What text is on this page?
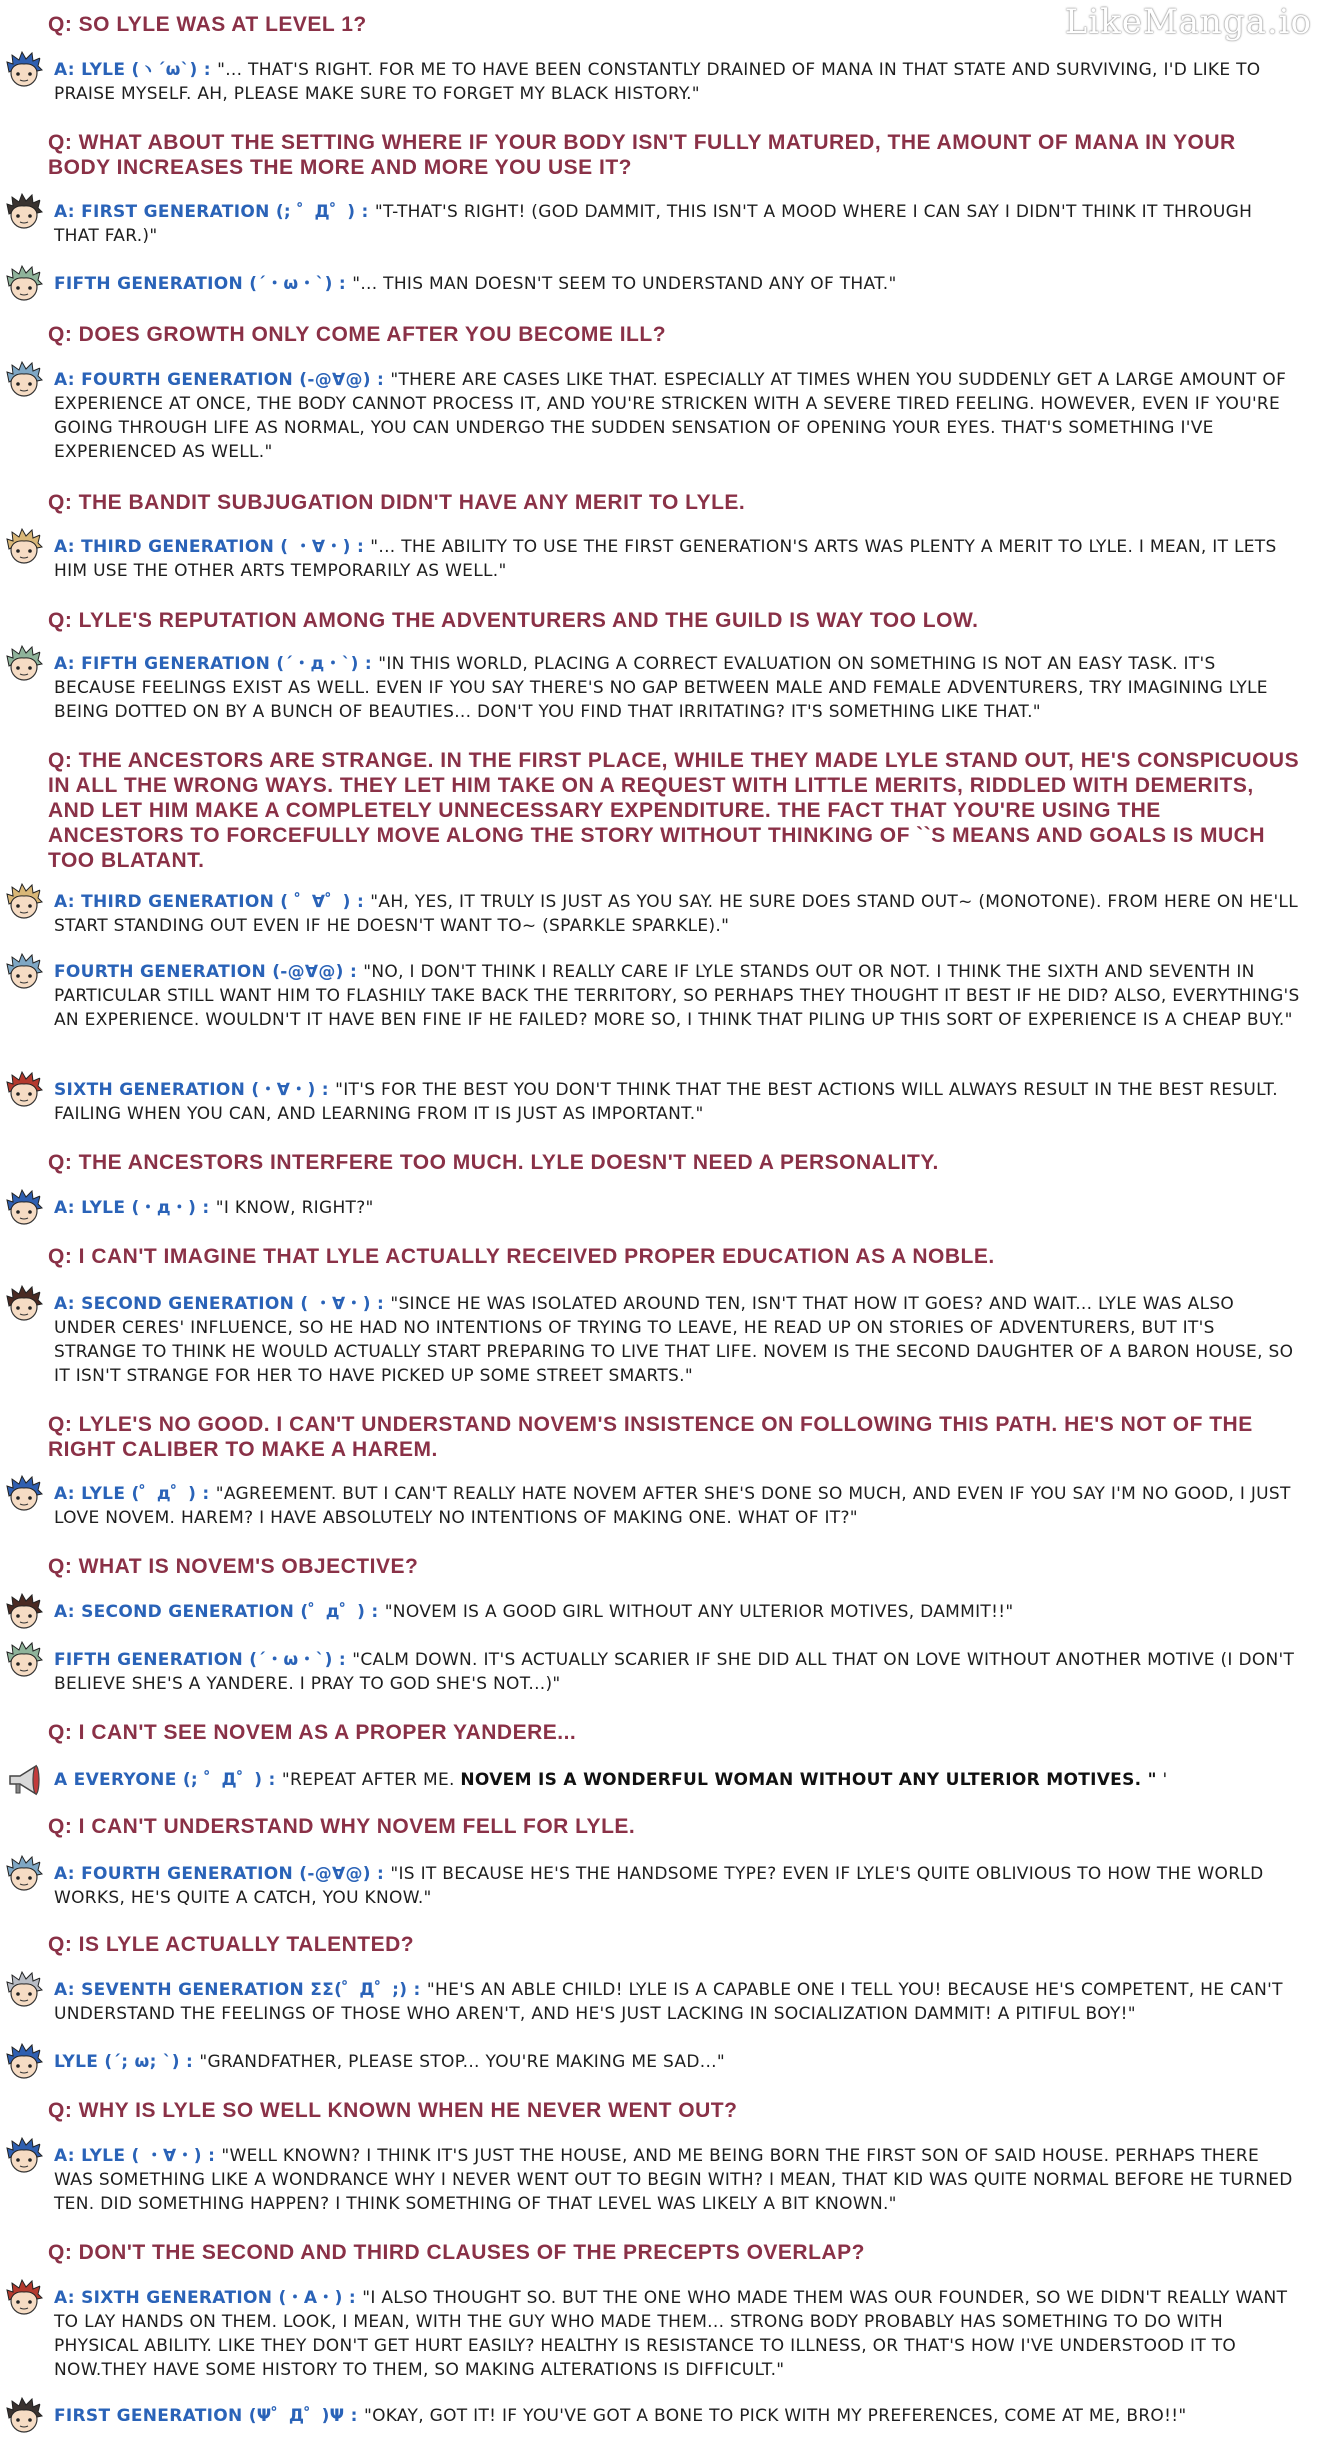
LikeManga.io
Q: SO LYLE WAS AT LEVEL 1?
A: LYLE (ヽ´ω`) : "... THAT'S RIGHT. FOR ME TO HAVE BEEN CONSTANTLY DRAINED OF MANA IN THAT STATE AND SURVIVING, I'D LIKE TO PRAISE MYSELF. AH, PLEASE MAKE SURE TO FORGET MY BLACK HISTORY."
Q: WHAT ABOUT THE SETTING WHERE IF YOUR BODY ISN'T FULLY MATURED, THE AMOUNT OF MANA IN YOUR BODY INCREASES THE MORE AND MORE YOU USE IT?
A: FIRST GENERATION (; ゜Д゜) : "T-THAT'S RIGHT! (GOD DAMMIT, THIS ISN'T A MOOD WHERE I CAN SAY I DIDN'T THINK IT THROUGH THAT FAR.)"
FIFTH GENERATION (´・ω・`) : "... THIS MAN DOESN'T SEEM TO UNDERSTAND ANY OF THAT."
Q: DOES GROWTH ONLY COME AFTER YOU BECOME ILL?
A: FOURTH GENERATION (-@∀@) : "THERE ARE CASES LIKE THAT. ESPECIALLY AT TIMES WHEN YOU SUDDENLY GET A LARGE AMOUNT OF EXPERIENCE AT ONCE, THE BODY CANNOT PROCESS IT, AND YOU'RE STRICKEN WITH A SEVERE TIRED FEELING. HOWEVER, EVEN IF YOU'RE GOING THROUGH LIFE AS NORMAL, YOU CAN UNDERGO THE SUDDEN SENSATION OF OPENING YOUR EYES. THAT'S SOMETHING I'VE EXPERIENCED AS WELL."
Q: THE BANDIT SUBJUGATION DIDN'T HAVE ANY MERIT TO LYLE.
A: THIRD GENERATION ( ・∀・) : "... THE ABILITY TO USE THE FIRST GENERATION'S ARTS WAS PLENTY A MERIT TO LYLE. I MEAN, IT LETS HIM USE THE OTHER ARTS TEMPORARILY AS WELL."
Q: LYLE'S REPUTATION AMONG THE ADVENTURERS AND THE GUILD IS WAY TOO LOW.
A: FIFTH GENERATION (´・д・`) : "IN THIS WORLD, PLACING A CORRECT EVALUATION ON SOMETHING IS NOT AN EASY TASK. IT'S BECAUSE FEELINGS EXIST AS WELL. EVEN IF YOU SAY THERE'S NO GAP BETWEEN MALE AND FEMALE ADVENTURERS, TRY IMAGINING LYLE BEING DOTTED ON BY A BUNCH OF BEAUTIES... DON'T YOU FIND THAT IRRITATING? IT'S SOMETHING LIKE THAT."
Q: THE ANCESTORS ARE STRANGE. IN THE FIRST PLACE, WHILE THEY MADE LYLE STAND OUT, HE'S CONSPICUOUS IN ALL THE WRONG WAYS. THEY LET HIM TAKE ON A REQUEST WITH LITTLE MERITS, RIDDLED WITH DEMERITS, AND LET HIM MAKE A COMPLETELY UNNECESSARY EXPENDITURE. THE FACT THAT YOU'RE USING THE ANCESTORS TO FORCEFULLY MOVE ALONG THE STORY WITHOUT THINKING OF ``S MEANS AND GOALS IS MUCH TOO BLATANT.
A: THIRD GENERATION ( ゜∀゜) : "AH, YES, IT TRULY IS JUST AS YOU SAY. HE SURE DOES STAND OUT~ (MONOTONE). FROM HERE ON HE'LL START STANDING OUT EVEN IF HE DOESN'T WANT TO~ (SPARKLE SPARKLE)."
FOURTH GENERATION (-@∀@) : "NO, I DON'T THINK I REALLY CARE IF LYLE STANDS OUT OR NOT. I THINK THE SIXTH AND SEVENTH IN PARTICULAR STILL WANT HIM TO FLASHILY TAKE BACK THE TERRITORY, SO PERHAPS THEY THOUGHT IT BEST IF HE DID? ALSO, EVERYTHING'S AN EXPERIENCE. WOULDN'T IT HAVE BEN FINE IF HE FAILED? MORE SO, I THINK THAT PILING UP THIS SORT OF EXPERIENCE IS A CHEAP BUY."
SIXTH GENERATION (・∀・) : "IT'S FOR THE BEST YOU DON'T THINK THAT THE BEST ACTIONS WILL ALWAYS RESULT IN THE BEST RESULT. FAILING WHEN YOU CAN, AND LEARNING FROM IT IS JUST AS IMPORTANT."
Q: THE ANCESTORS INTERFERE TOO MUCH. LYLE DOESN'T NEED A PERSONALITY.
A: LYLE (・д・) : "I KNOW, RIGHT?"
Q: I CAN'T IMAGINE THAT LYLE ACTUALLY RECEIVED PROPER EDUCATION AS A NOBLE.
A: SECOND GENERATION ( ・∀・) : "SINCE HE WAS ISOLATED AROUND TEN, ISN'T THAT HOW IT GOES? AND WAIT... LYLE WAS ALSO UNDER CERES' INFLUENCE, SO HE HAD NO INTENTIONS OF TRYING TO LEAVE, HE READ UP ON STORIES OF ADVENTURERS, BUT IT'S STRANGE TO THINK HE WOULD ACTUALLY START PREPARING TO LIVE THAT LIFE. NOVEM IS THE SECOND DAUGHTER OF A BARON HOUSE, SO IT ISN'T STRANGE FOR HER TO HAVE PICKED UP SOME STREET SMARTS."
Q: LYLE'S NO GOOD. I CAN'T UNDERSTAND NOVEM'S INSISTENCE ON FOLLOWING THIS PATH. HE'S NOT OF THE RIGHT CALIBER TO MAKE A HAREM.
A: LYLE (゜д゜) : "AGREEMENT. BUT I CAN'T REALLY HATE NOVEM AFTER SHE'S DONE SO MUCH, AND EVEN IF YOU SAY I'M NO GOOD, I JUST LOVE NOVEM. HAREM? I HAVE ABSOLUTELY NO INTENTIONS OF MAKING ONE. WHAT OF IT?"
Q: WHAT IS NOVEM'S OBJECTIVE?
A: SECOND GENERATION (゜д゜) : "NOVEM IS A GOOD GIRL WITHOUT ANY ULTERIOR MOTIVES, DAMMIT!!"
FIFTH GENERATION (´・ω・`) : "CALM DOWN. IT'S ACTUALLY SCARIER IF SHE DID ALL THAT ON LOVE WITHOUT ANOTHER MOTIVE (I DON'T BELIEVE SHE'S A YANDERE. I PRAY TO GOD SHE'S NOT...)"
Q: I CAN'T SEE NOVEM AS A PROPER YANDERE...
A EVERYONE (; ゜Д゜) : "REPEAT AFTER ME. NOVEM IS A WONDERFUL WOMAN WITHOUT ANY ULTERIOR MOTIVES. " '
Q: I CAN'T UNDERSTAND WHY NOVEM FELL FOR LYLE.
A: FOURTH GENERATION (-@∀@) : "IS IT BECAUSE HE'S THE HANDSOME TYPE? EVEN IF LYLE'S QUITE OBLIVIOUS TO HOW THE WORLD WORKS, HE'S QUITE A CATCH, YOU KNOW."
Q: IS LYLE ACTUALLY TALENTED?
A: SEVENTH GENERATION ΣΣ(゜Д゜;) : "HE'S AN ABLE CHILD! LYLE IS A CAPABLE ONE I TELL YOU! BECAUSE HE'S COMPETENT, HE CAN'T UNDERSTAND THE FEELINGS OF THOSE WHO AREN'T, AND HE'S JUST LACKING IN SOCIALIZATION DAMMIT! A PITIFUL BOY!"
LYLE (´; ω; `) : "GRANDFATHER, PLEASE STOP... YOU'RE MAKING ME SAD..."
Q: WHY IS LYLE SO WELL KNOWN WHEN HE NEVER WENT OUT?
A: LYLE ( ・∀・) : "WELL KNOWN? I THINK IT'S JUST THE HOUSE, AND ME BEING BORN THE FIRST SON OF SAID HOUSE. PERHAPS THERE WAS SOMETHING LIKE A WONDRANCE WHY I NEVER WENT OUT TO BEGIN WITH? I MEAN, THAT KID WAS QUITE NORMAL BEFORE HE TURNED TEN. DID SOMETHING HAPPEN? I THINK SOMETHING OF THAT LEVEL WAS LIKELY A BIT KNOWN."
Q: DON'T THE SECOND AND THIRD CLAUSES OF THE PRECEPTS OVERLAP?
A: SIXTH GENERATION (・A・) : "I ALSO THOUGHT SO. BUT THE ONE WHO MADE THEM WAS OUR FOUNDER, SO WE DIDN'T REALLY WANT TO LAY HANDS ON THEM. LOOK, I MEAN, WITH THE GUY WHO MADE THEM... STRONG BODY PROBABLY HAS SOMETHING TO DO WITH PHYSICAL ABILITY. LIKE THEY DON'T GET HURT EASILY? HEALTHY IS RESISTANCE TO ILLNESS, OR THAT'S HOW I'VE UNDERSTOOD IT TO NOW.THEY HAVE SOME HISTORY TO THEM, SO MAKING ALTERATIONS IS DIFFICULT."
FIRST GENERATION (Ψ゜Д゜)Ψ : "OKAY, GOT IT! IF YOU'VE GOT A BONE TO PICK WITH MY PREFERENCES, COME AT ME, BRO!!"
